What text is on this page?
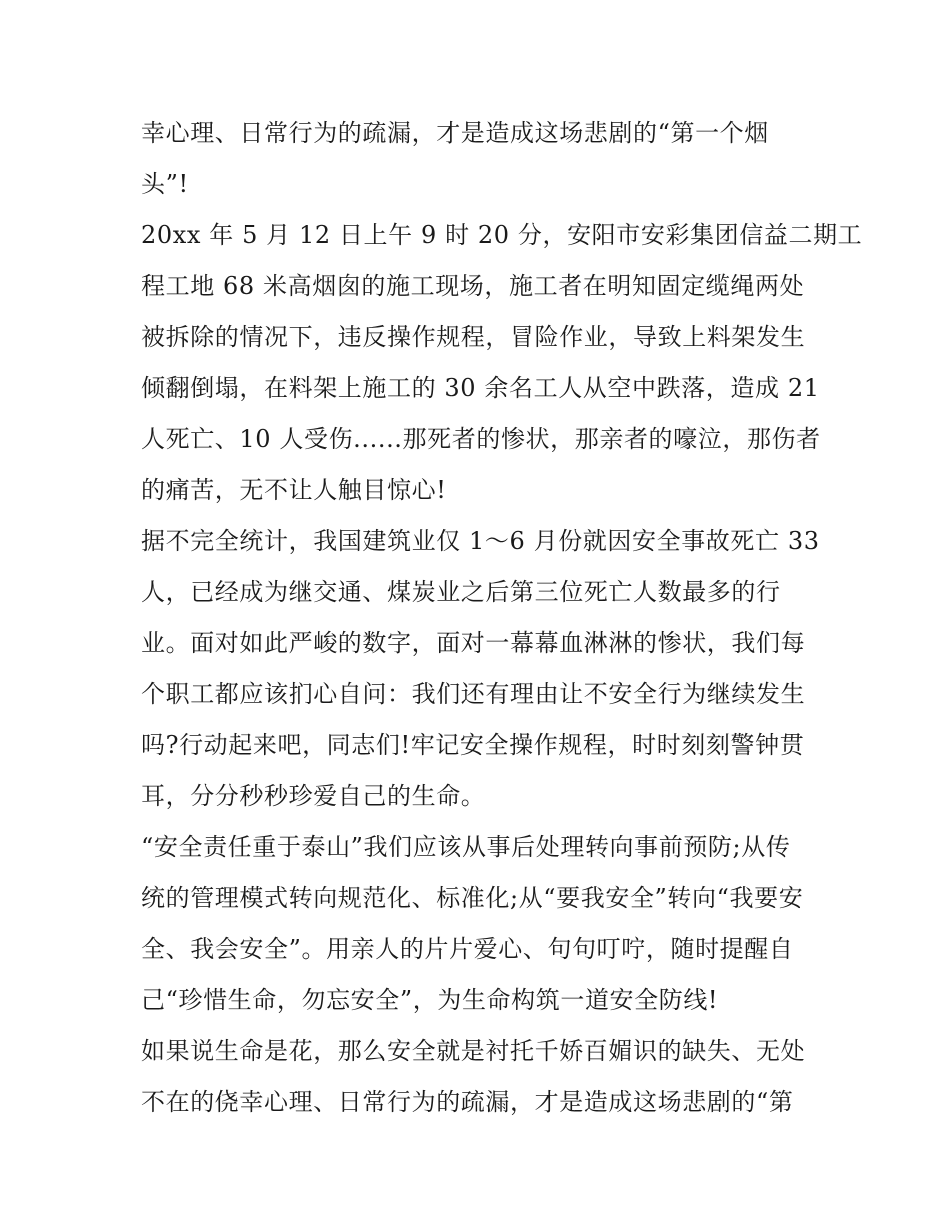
幸心理、日常行为的疏漏，才是造成这场悲剧的“第一个烟
头”!
20xx 年 5 月 12 日上午 9 时 20 分，安阳市安彩集团信益二期工
程工地 68 米高烟囱的施工现场，施工者在明知固定缆绳两处
被拆除的情况下，违反操作规程，冒险作业，导致上料架发生
倾翻倒塌，在料架上施工的 30 余名工人从空中跌落，造成 21
人死亡、10 人受伤......那死者的惨状，那亲者的嚎泣，那伤者
的痛苦，无不让人触目惊心!
据不完全统计，我国建筑业仅 1～6 月份就因安全事故死亡 33
人，已经成为继交通、煤炭业之后第三位死亡人数最多的行
业。面对如此严峻的数字，面对一幕幕血淋淋的惨状，我们每
个职工都应该扪心自问：我们还有理由让不安全行为继续发生
吗?行动起来吧，同志们!牢记安全操作规程，时时刻刻警钟贯
耳，分分秒秒珍爱自己的生命。
“安全责任重于泰山”我们应该从事后处理转向事前预防;从传
统的管理模式转向规范化、标准化;从“要我安全”转向“我要安
全、我会安全”。用亲人的片片爱心、句句叮咛，随时提醒自
己“珍惜生命，勿忘安全”，为生命构筑一道安全防线!
如果说生命是花，那么安全就是衬托千娇百媚识的缺失、无处
不在的侥幸心理、日常行为的疏漏，才是造成这场悲剧的“第
